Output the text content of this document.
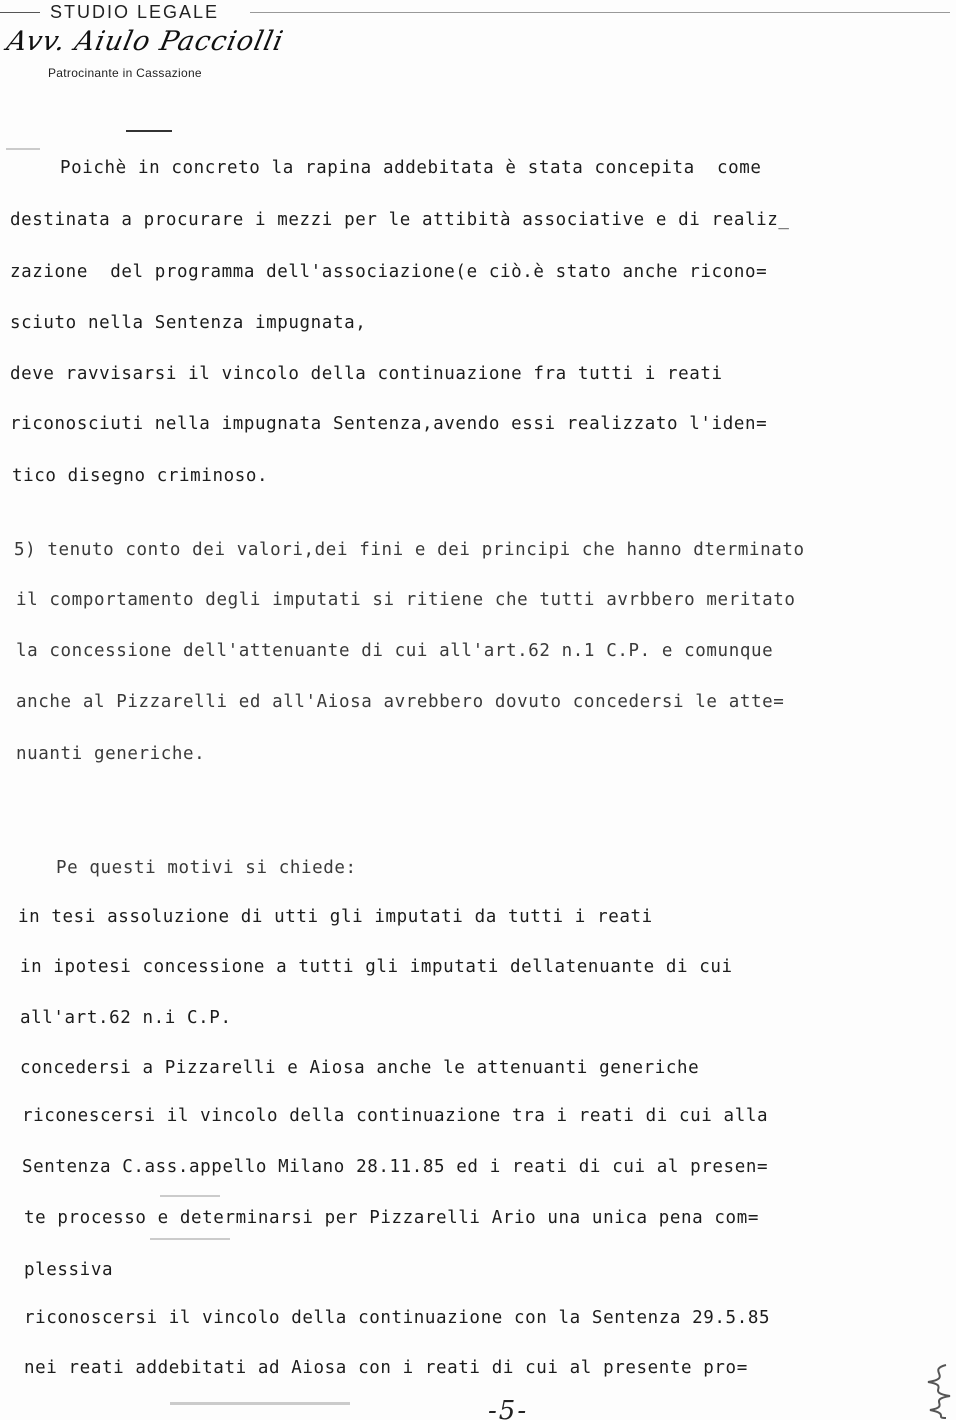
STUDIO LEGALE
Avv. Aiulo Pacciolli
Patrocinante in Cassazione
Poichè in concreto la rapina addebitata è stata concepita  come
destinata a procurare i mezzi per le attibità associative e di realiz_
zazione  del programma dell'associazione(e ciò.è stato anche ricono=
sciuto nella Sentenza impugnata,
deve ravvisarsi il vincolo della continuazione fra tutti i reati
riconosciuti nella impugnata Sentenza,avendo essi realizzato l'iden=
tico disegno criminoso.
5) tenuto conto dei valori,dei fini e dei principi che hanno dterminato
il comportamento degli imputati si ritiene che tutti avrbbero meritato
la concessione dell'attenuante di cui all'art.62 n.1 C.P. e comunque
anche al Pizzarelli ed all'Aiosa avrebbero dovuto concedersi le atte=
nuanti generiche.
Pe questi motivi si chiede:
in tesi assoluzione di utti gli imputati da tutti i reati
in ipotesi concessione a tutti gli imputati dellatenuante di cui
all'art.62 n.i C.P.
concedersi a Pizzarelli e Aiosa anche le attenuanti generiche
riconescersi il vincolo della continuazione tra i reati di cui alla
Sentenza C.ass.appello Milano 28.11.85 ed i reati di cui al presen=
te processo e determinarsi per Pizzarelli Ario una unica pena com=
plessiva
riconoscersi il vincolo della continuazione con la Sentenza 29.5.85
nei reati addebitati ad Aiosa con i reati di cui al presente pro=
-5-
